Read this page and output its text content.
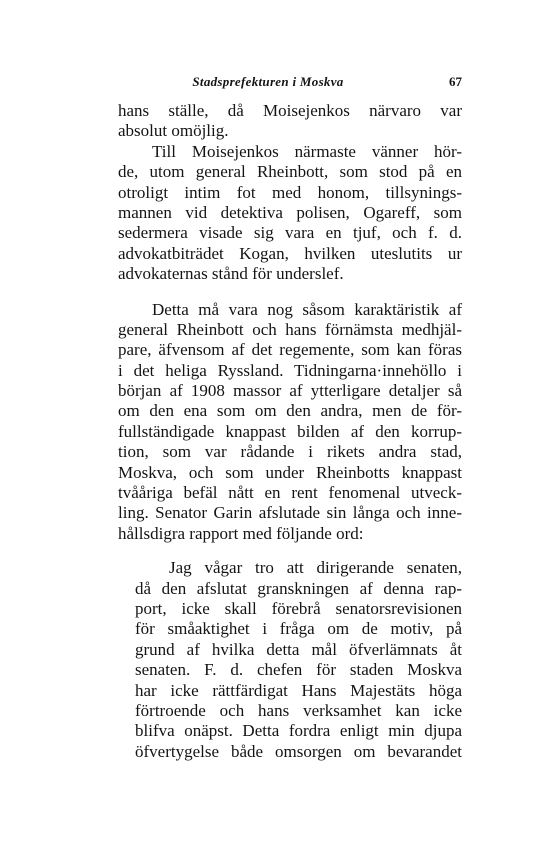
Stadsprefekturen i Moskva	67
hans ställe, då Moisejenkos närvaro var
absolut omöjlig.
Till Moisejenkos närmaste vänner hör-
de, utom general Rheinbott, som stod på en
otroligt intim fot med honom, tillsynings-
mannen vid detektiva polisen, Ogareff, som
sedermera visade sig vara en tjuf, och f. d.
advokatbiträdet Kogan, hvilken uteslutits ur
advokaternas stånd för underslef.
Detta må vara nog såsom karaktäristik af
general Rheinbott och hans förnämsta medhjäl-
pare, äfvensom af det regemente, som kan föras
i det heliga Ryssland. Tidningarna·innehöllo i
början af 1908 massor af ytterligare detaljer så
om den ena som om den andra, men de för-
fullständigade knappast bilden af den korrup-
tion, som var rådande i rikets andra stad,
Moskva, och som under Rheinbotts knappast
tvååriga befäl nått en rent fenomenal utveck-
ling. Senator Garin afslutade sin långa och inne-
hållsdigra rapport med följande ord:
Jag vågar tro att dirigerande senaten,
då den afslutat granskningen af denna rap-
port, icke skall förebrå senatorsrevisionen
för småaktighet i fråga om de motiv, på
grund af hvilka detta mål öfverlämnats åt
senaten. F. d. chefen för staden Moskva
har icke rättfärdigat Hans Majestäts höga
förtroende och hans verksamhet kan icke
blifva onäpst. Detta fordra enligt min djupa
öfvertygelse både omsorgen om bevarandet
